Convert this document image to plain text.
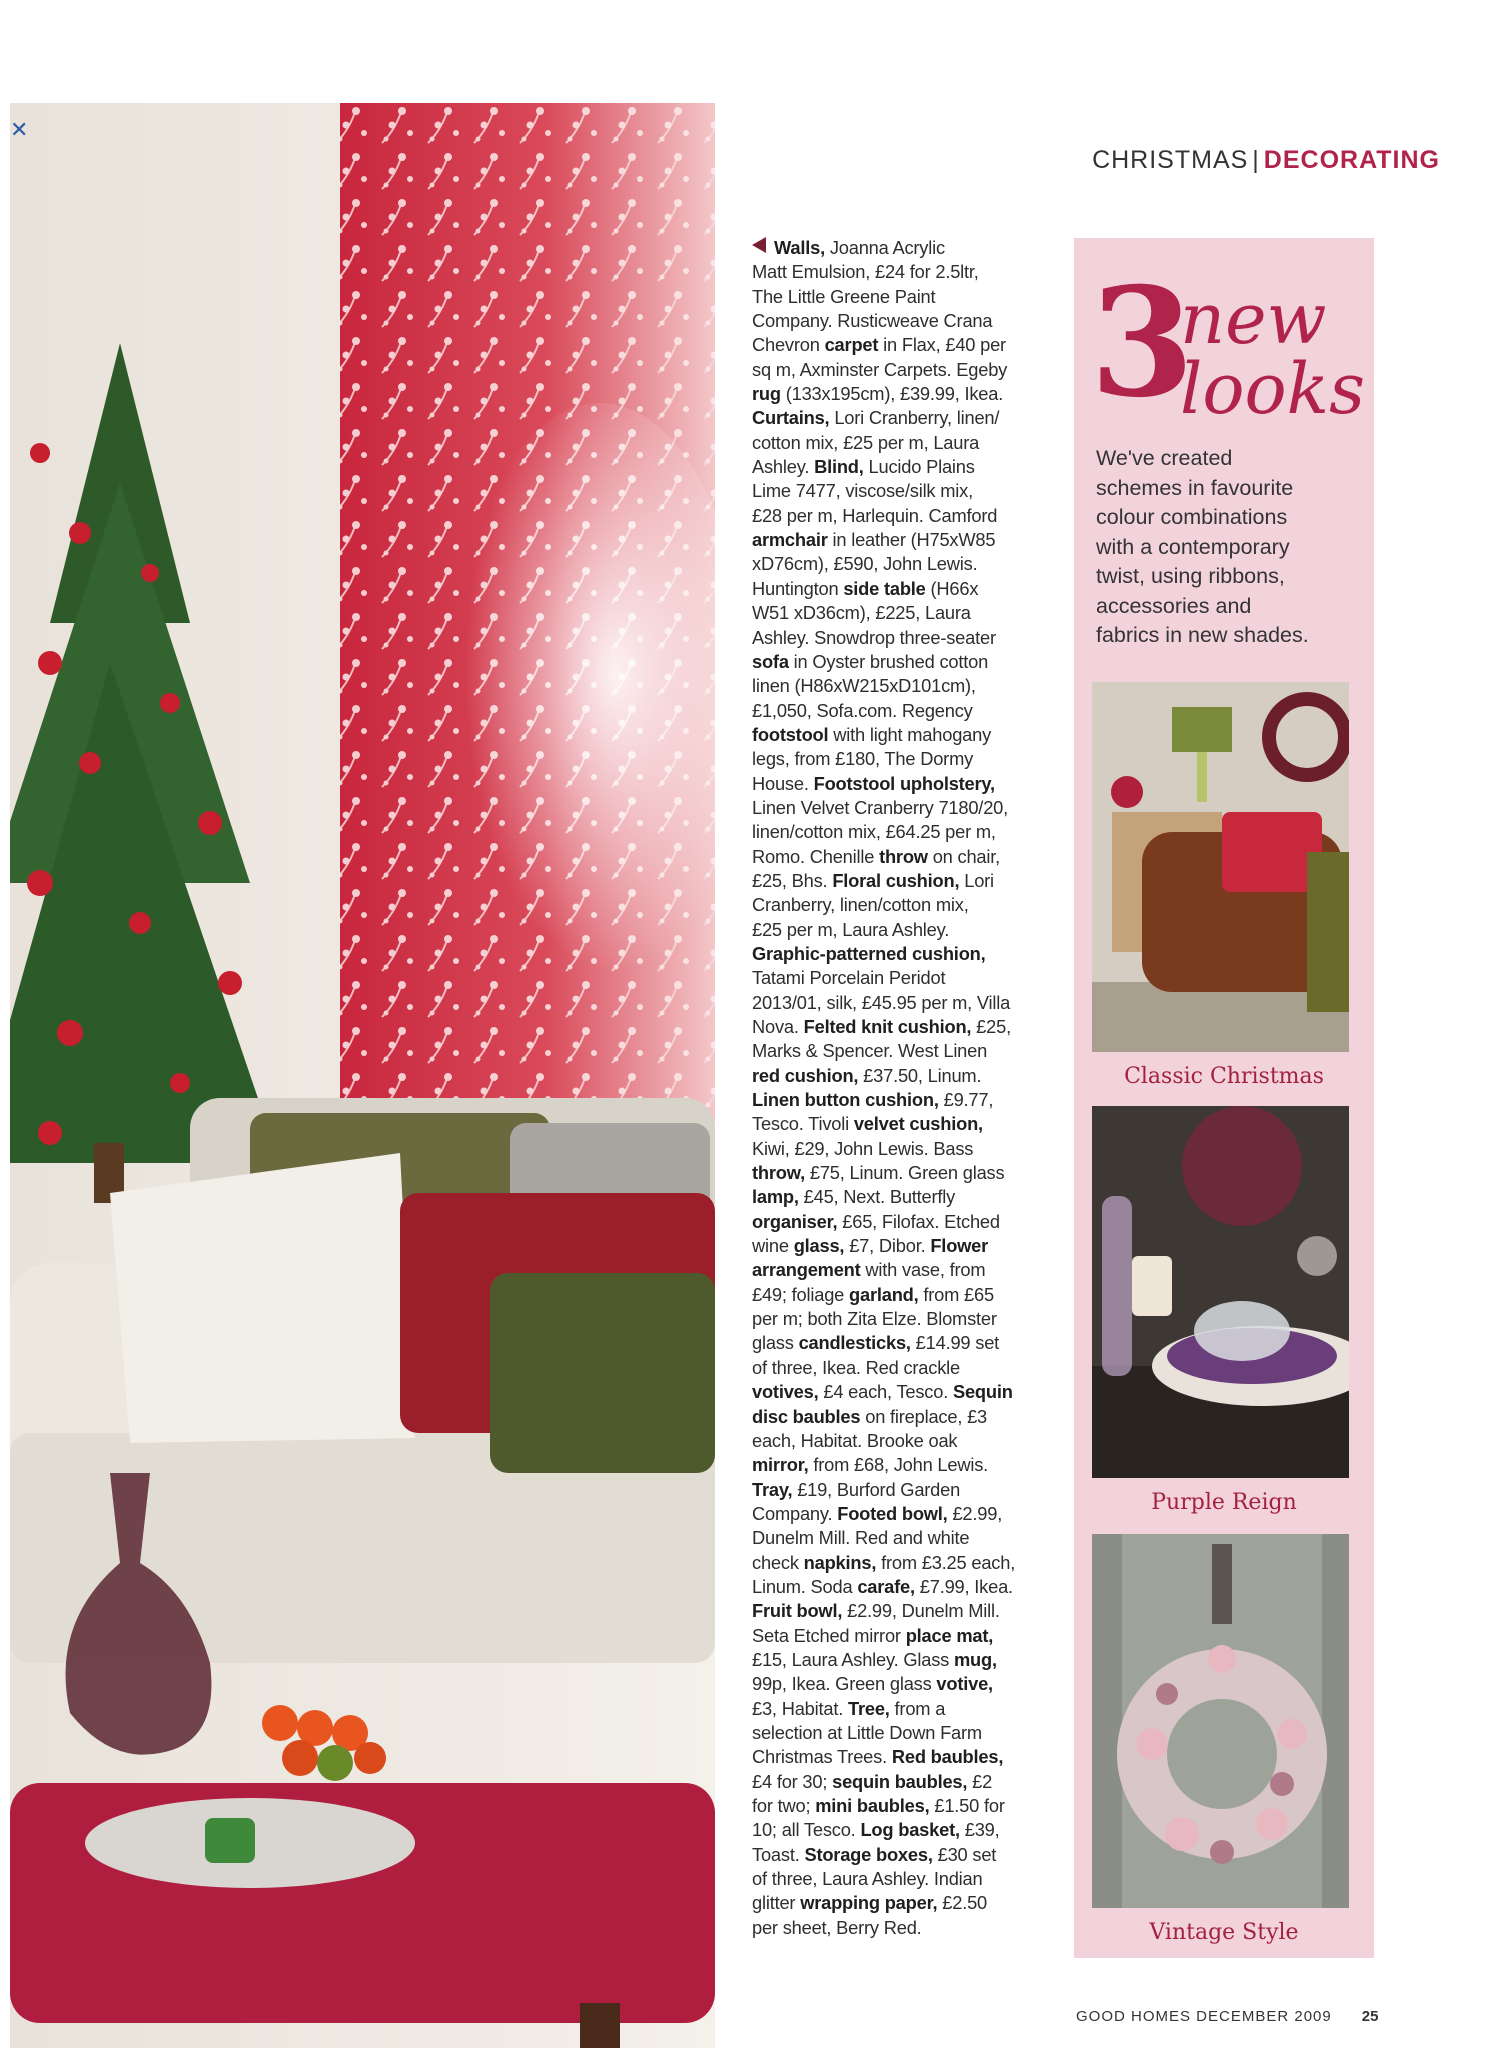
✕
CHRISTMAS | DECORATING
Walls, Joanna Acrylic
Matt Emulsion, £24 for 2.5ltr,
The Little Greene Paint
Company. Rusticweave Crana
Chevron carpet in Flax, £40 per
sq m, Axminster Carpets. Egeby
rug (133x195cm), £39.99, Ikea.
Curtains, Lori Cranberry, linen/
cotton mix, £25 per m, Laura
Ashley. Blind, Lucido Plains
Lime 7477, viscose/silk mix,
£28 per m, Harlequin. Camford
armchair in leather (H75xW85
xD76cm), £590, John Lewis.
Huntington side table (H66x
W51 xD36cm), £225, Laura
Ashley. Snowdrop three-seater
sofa in Oyster brushed cotton
linen (H86xW215xD101cm),
£1,050, Sofa.com. Regency
footstool with light mahogany
legs, from £180, The Dormy
House. Footstool upholstery,
Linen Velvet Cranberry 7180/20,
linen/cotton mix, £64.25 per m,
Romo. Chenille throw on chair,
£25, Bhs. Floral cushion, Lori
Cranberry, linen/cotton mix,
£25 per m, Laura Ashley.
Graphic-patterned cushion,
Tatami Porcelain Peridot
2013/01, silk, £45.95 per m, Villa
Nova. Felted knit cushion, £25,
Marks & Spencer. West Linen
red cushion, £37.50, Linum.
Linen button cushion, £9.77,
Tesco. Tivoli velvet cushion,
Kiwi, £29, John Lewis. Bass
throw, £75, Linum. Green glass
lamp, £45, Next. Butterfly
organiser, £65, Filofax. Etched
wine glass, £7, Dibor. Flower
arrangement with vase, from
£49; foliage garland, from £65
per m; both Zita Elze. Blomster
glass candlesticks, £14.99 set
of three, Ikea. Red crackle
votives, £4 each, Tesco. Sequin
disc baubles on fireplace, £3
each, Habitat. Brooke oak
mirror, from £68, John Lewis.
Tray, £19, Burford Garden
Company. Footed bowl, £2.99,
Dunelm Mill. Red and white
check napkins, from £3.25 each,
Linum. Soda carafe, £7.99, Ikea.
Fruit bowl, £2.99, Dunelm Mill.
Seta Etched mirror place mat,
£15, Laura Ashley. Glass mug,
99p, Ikea. Green glass votive,
£3, Habitat. Tree, from a
selection at Little Down Farm
Christmas Trees. Red baubles,
£4 for 30; sequin baubles, £2
for two; mini baubles, £1.50 for
10; all Tesco. Log basket, £39,
Toast. Storage boxes, £30 set
of three, Laura Ashley. Indian
glitter wrapping paper, £2.50
per sheet, Berry Red.
3
new
looks
We've created
schemes in favourite
colour combinations
with a contemporary
twist, using ribbons,
accessories and
fabrics in new shades.
Classic Christmas
Purple Reign
Vintage Style
GOOD HOMES DECEMBER 2009 25
